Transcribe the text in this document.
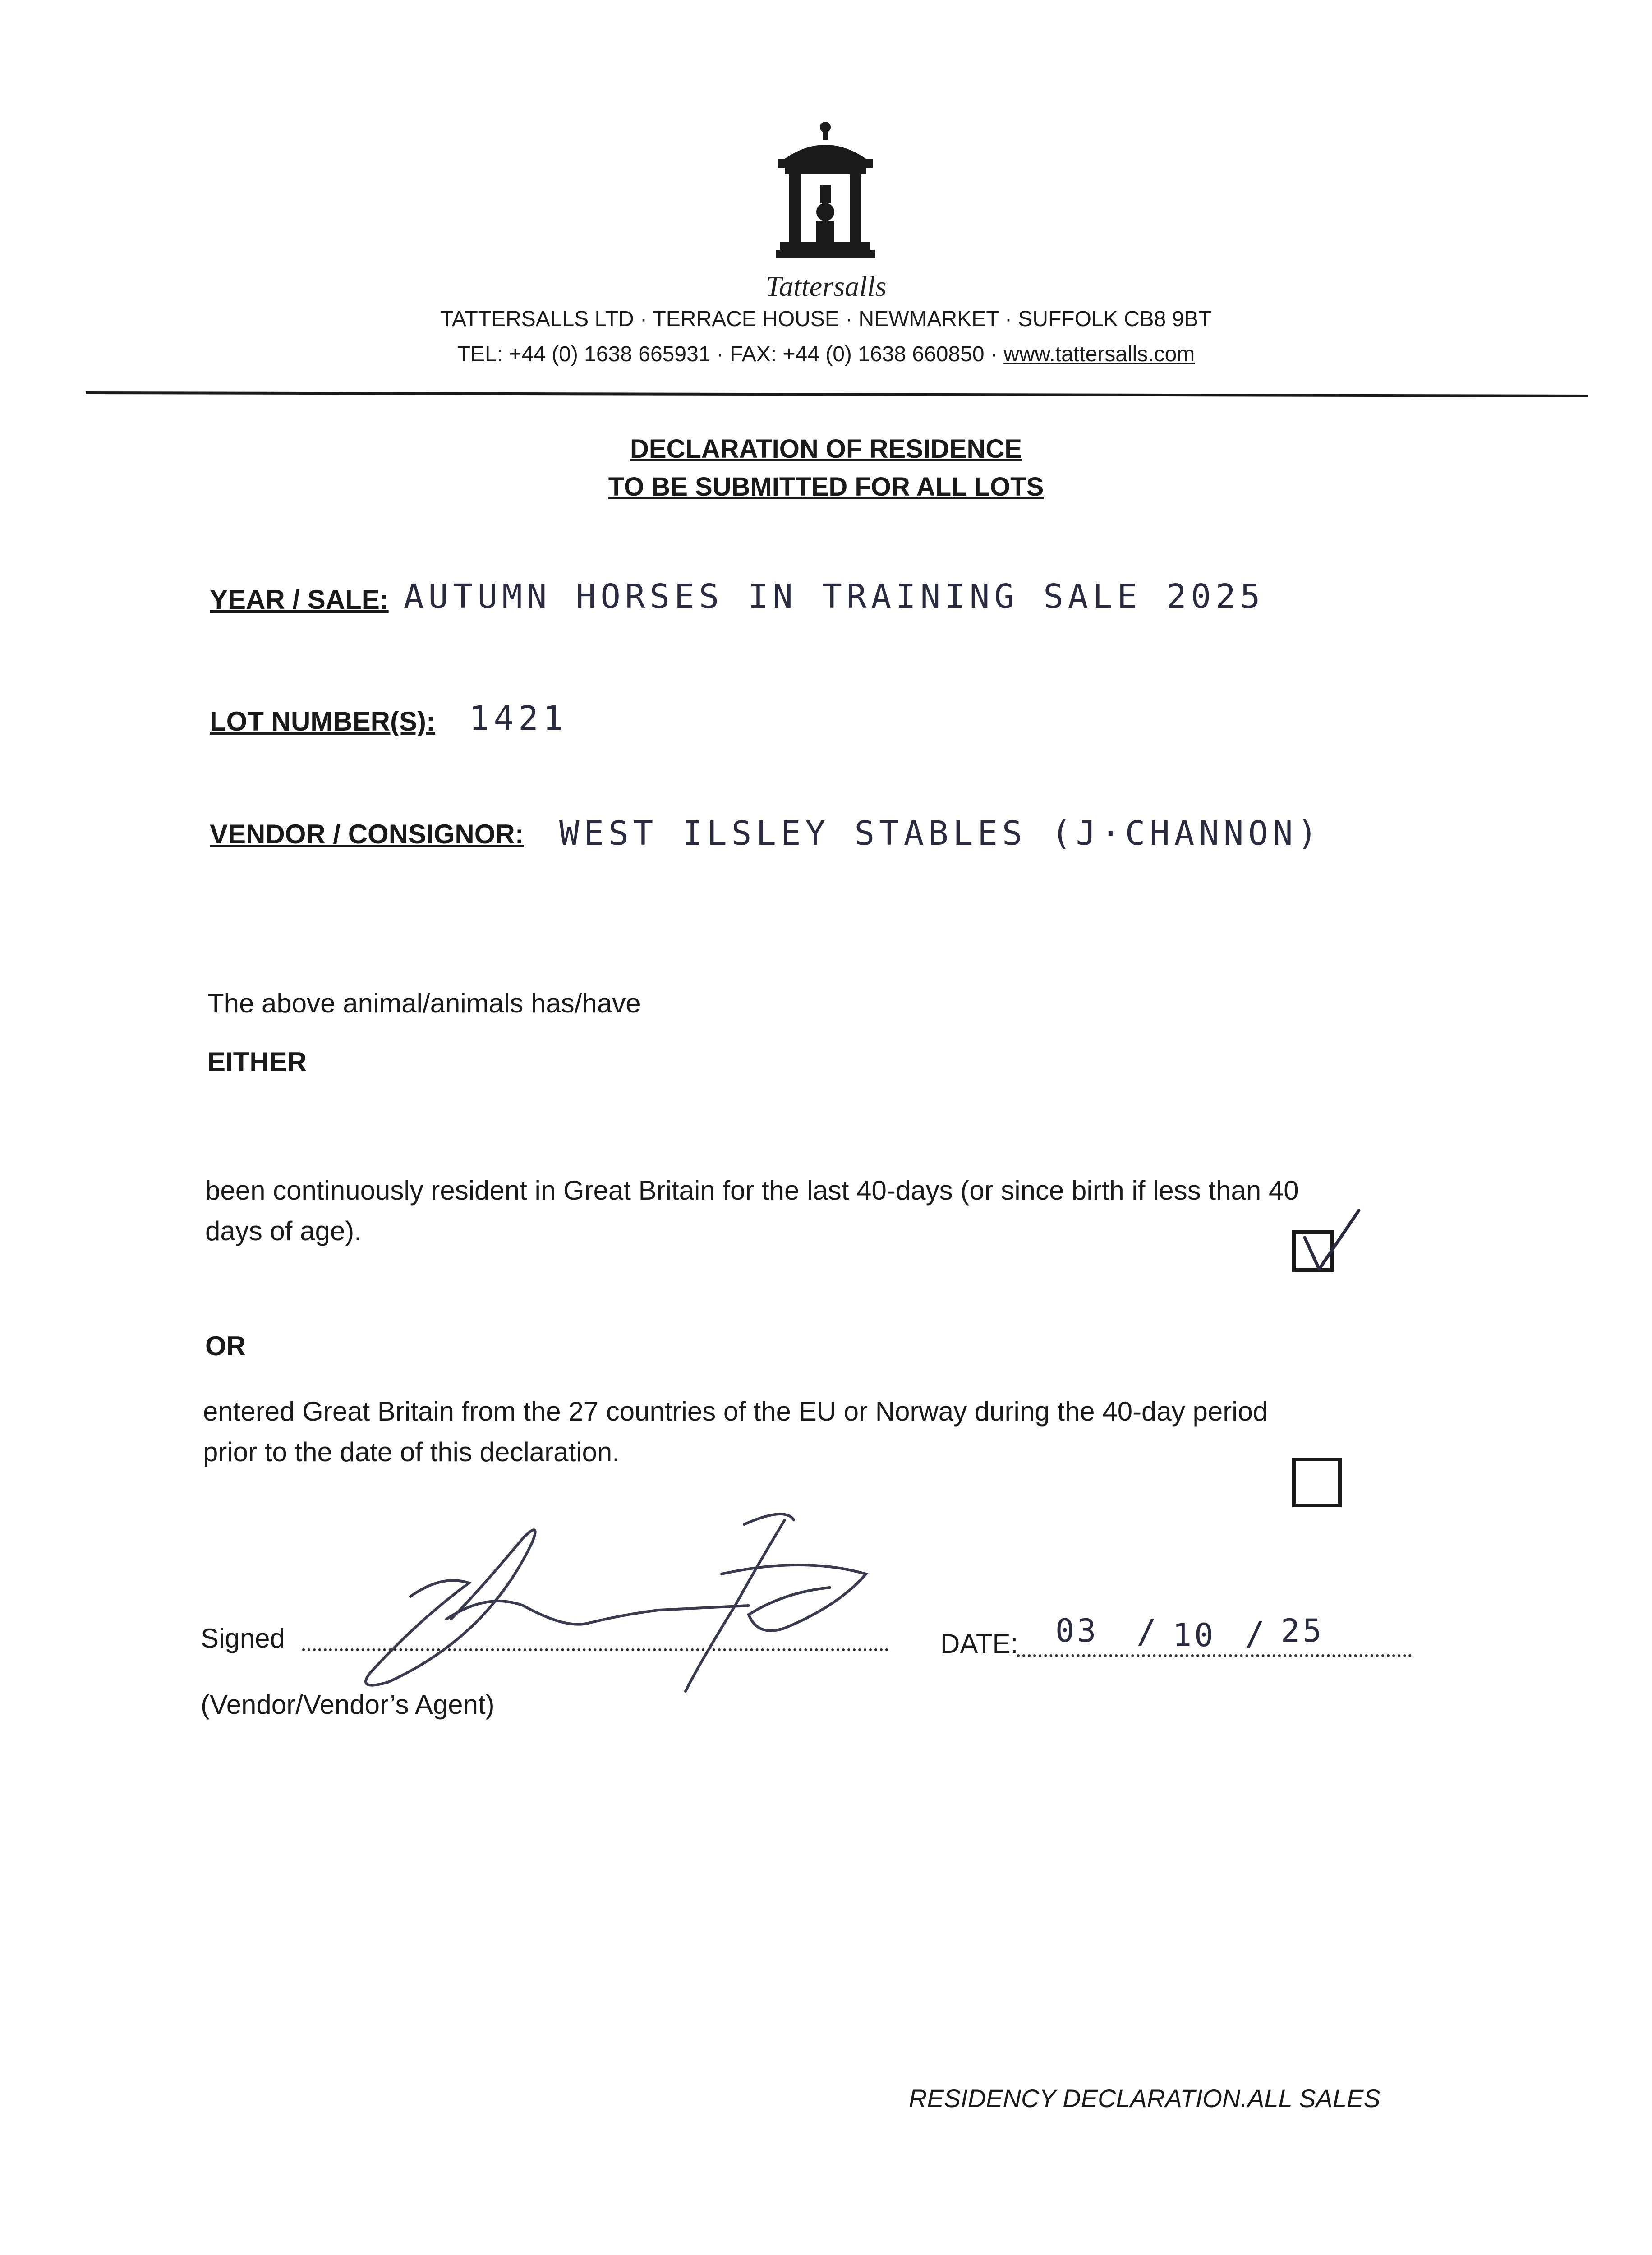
Tattersalls
TATTERSALLS LTD · TERRACE HOUSE · NEWMARKET · SUFFOLK CB8 9BT
TEL: +44 (0) 1638 665931 · FAX: +44 (0) 1638 660850 · www.tattersalls.com
DECLARATION OF RESIDENCE
TO BE SUBMITTED FOR ALL LOTS
YEAR / SALE: AUTUMN HORSES IN TRAINING SALE 2025
LOT NUMBER(S): 1421
VENDOR / CONSIGNOR: WEST ILSLEY STABLES (J·CHANNON)
The above animal/animals has/have
EITHER
been continuously resident in Great Britain for the last 40-days (or since birth if less than 40
days of age).
OR
entered Great Britain from the 27 countries of the EU or Norway during the 40-day period
prior to the date of this declaration.
Signed	DATE: 03 / 10 / 25
(Vendor/Vendor’s Agent)
RESIDENCY DECLARATION.ALL SALES
